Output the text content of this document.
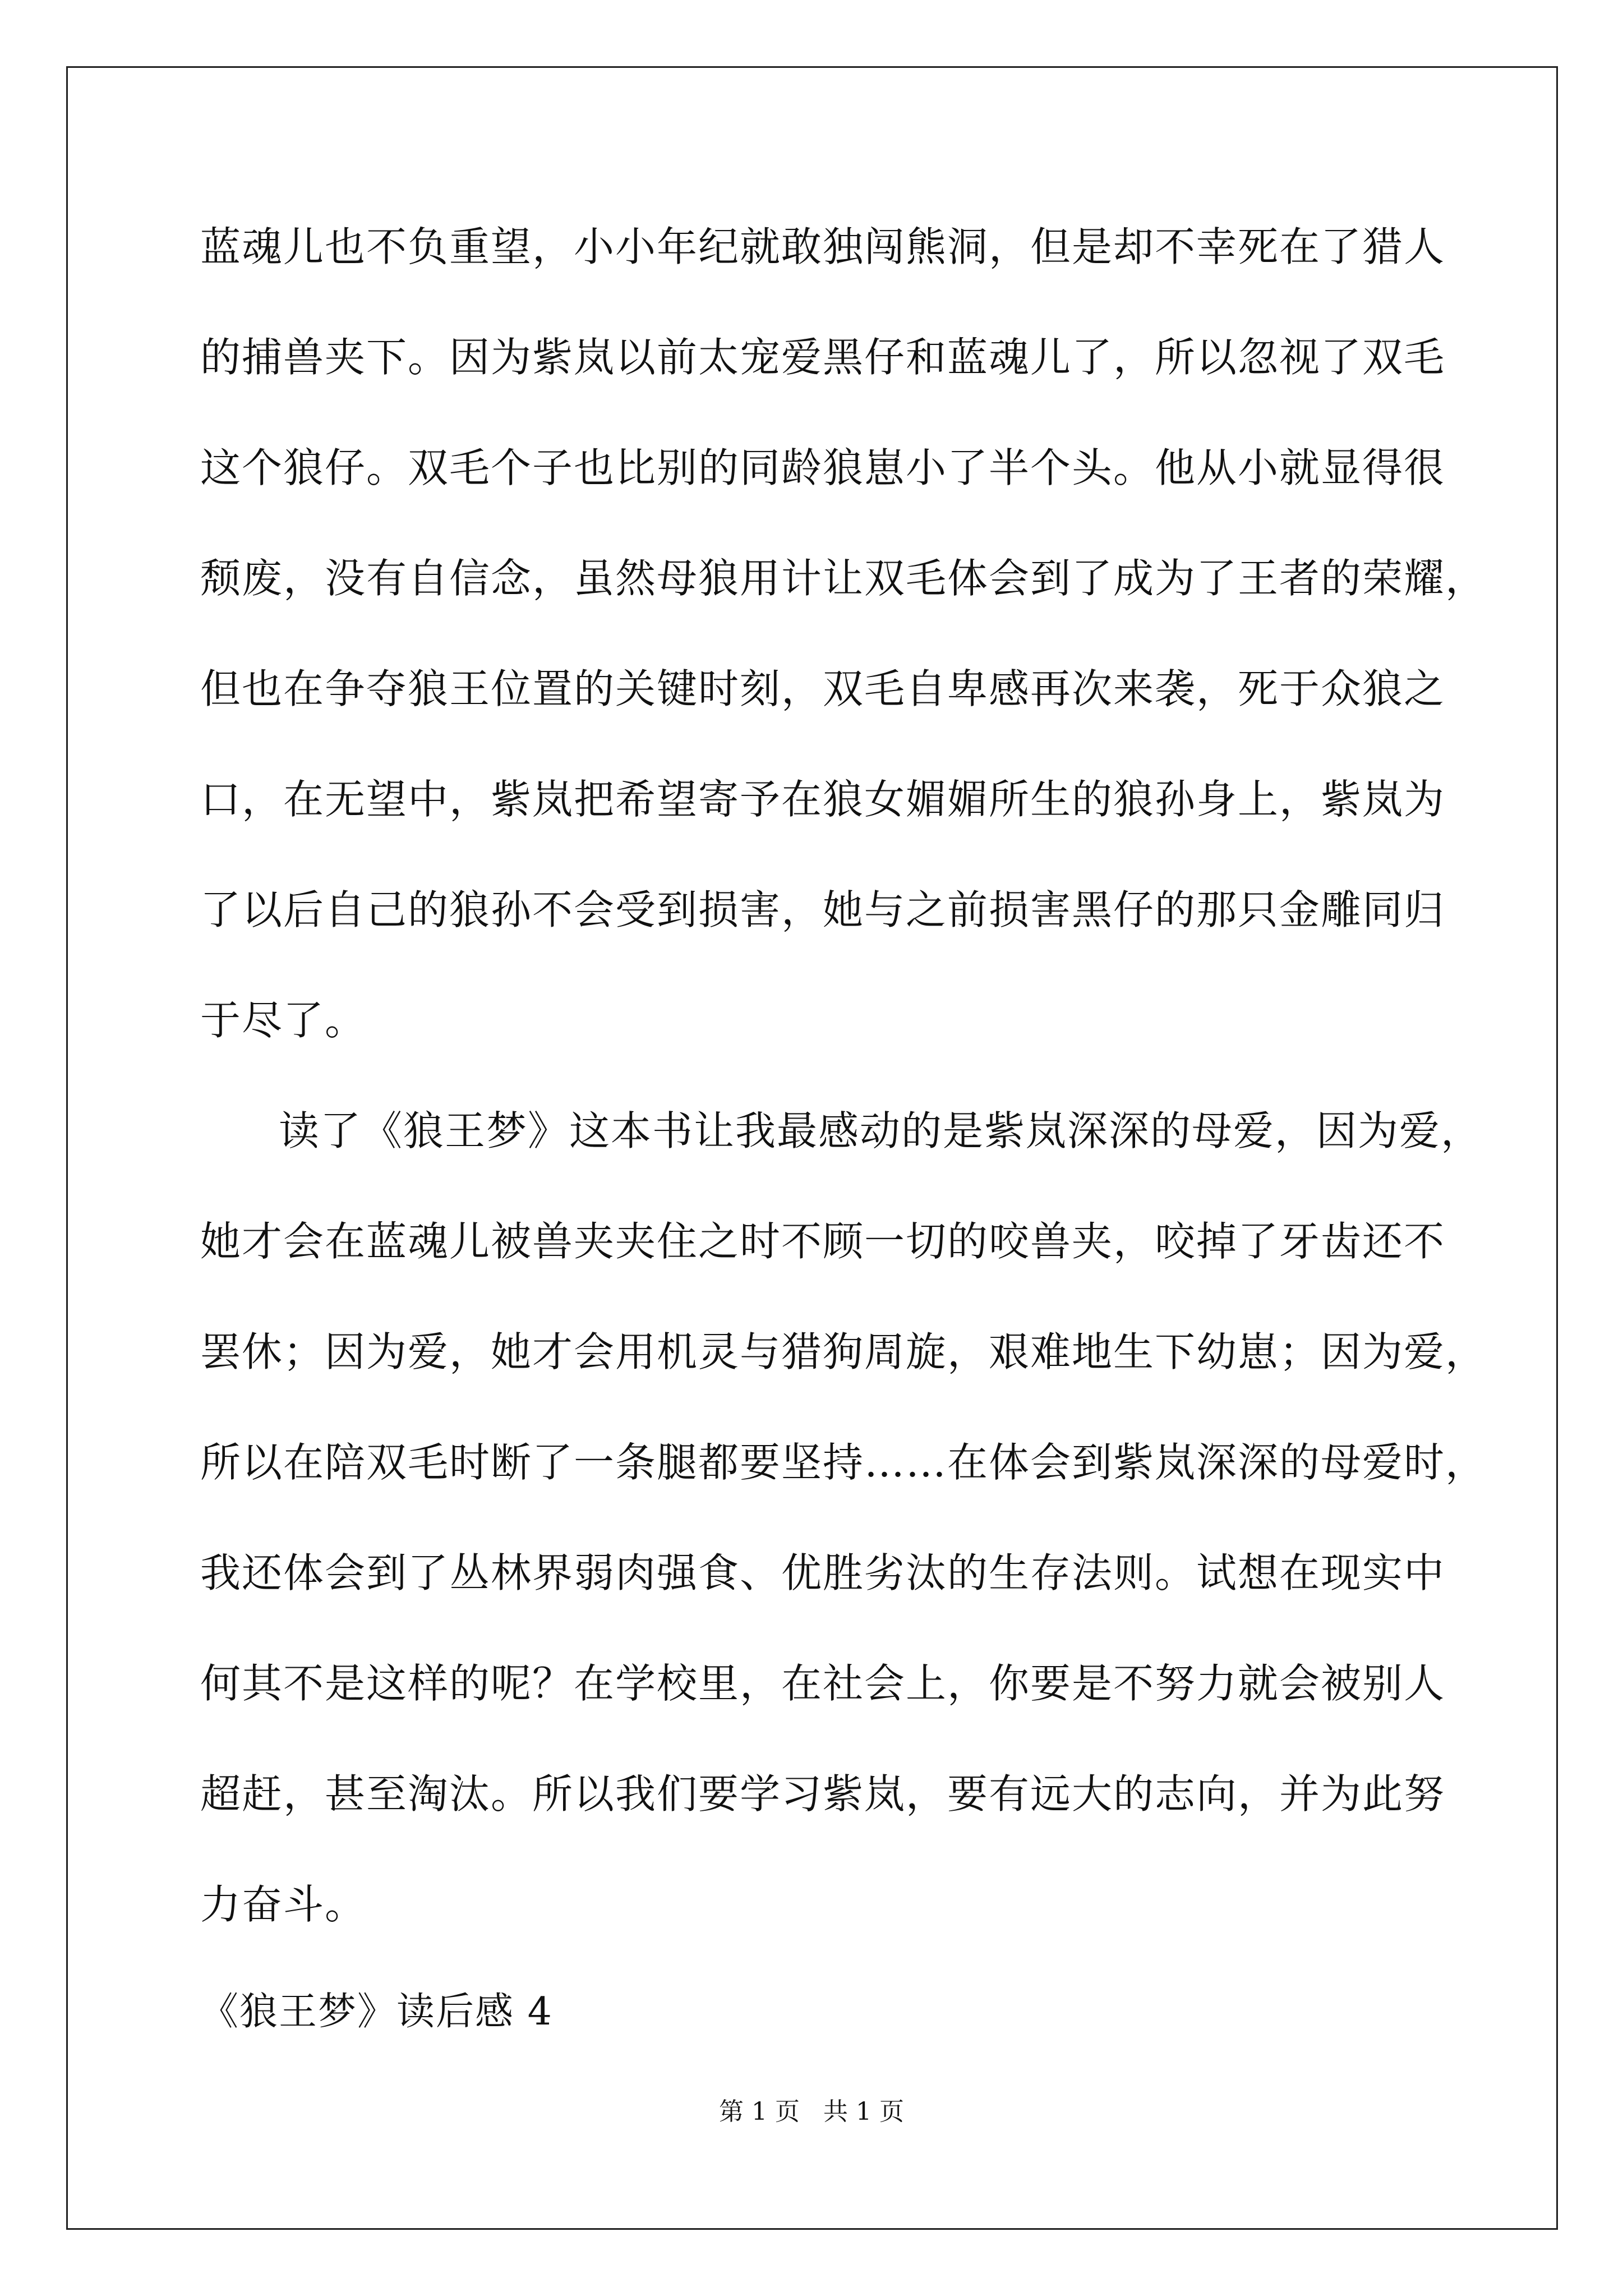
蓝魂儿也不负重望，小小年纪就敢独闯熊洞，但是却不幸死在了猎人
的捕兽夹下。因为紫岚以前太宠爱黑仔和蓝魂儿了，所以忽视了双毛
这个狼仔。双毛个子也比别的同龄狼崽小了半个头。他从小就显得很
颓废，没有自信念，虽然母狼用计让双毛体会到了成为了王者的荣耀，
但也在争夺狼王位置的关键时刻，双毛自卑感再次来袭，死于众狼之
口，在无望中，紫岚把希望寄予在狼女媚媚所生的狼孙身上，紫岚为
了以后自己的狼孙不会受到损害，她与之前损害黑仔的那只金雕同归
于尽了。
读了《狼王梦》这本书让我最感动的是紫岚深深的母爱，因为爱，
她才会在蓝魂儿被兽夹夹住之时不顾一切的咬兽夹，咬掉了牙齿还不
罢休；因为爱，她才会用机灵与猎狗周旋，艰难地生下幼崽；因为爱，
所以在陪双毛时断了一条腿都要坚持……在体会到紫岚深深的母爱时，
我还体会到了丛林界弱肉强食、优胜劣汰的生存法则。试想在现实中
何其不是这样的呢？在学校里，在社会上，你要是不努力就会被别人
超赶，甚至淘汰。所以我们要学习紫岚，要有远大的志向，并为此努
力奋斗。
《狼王梦》读后感 4
第 1 页   共 1 页
